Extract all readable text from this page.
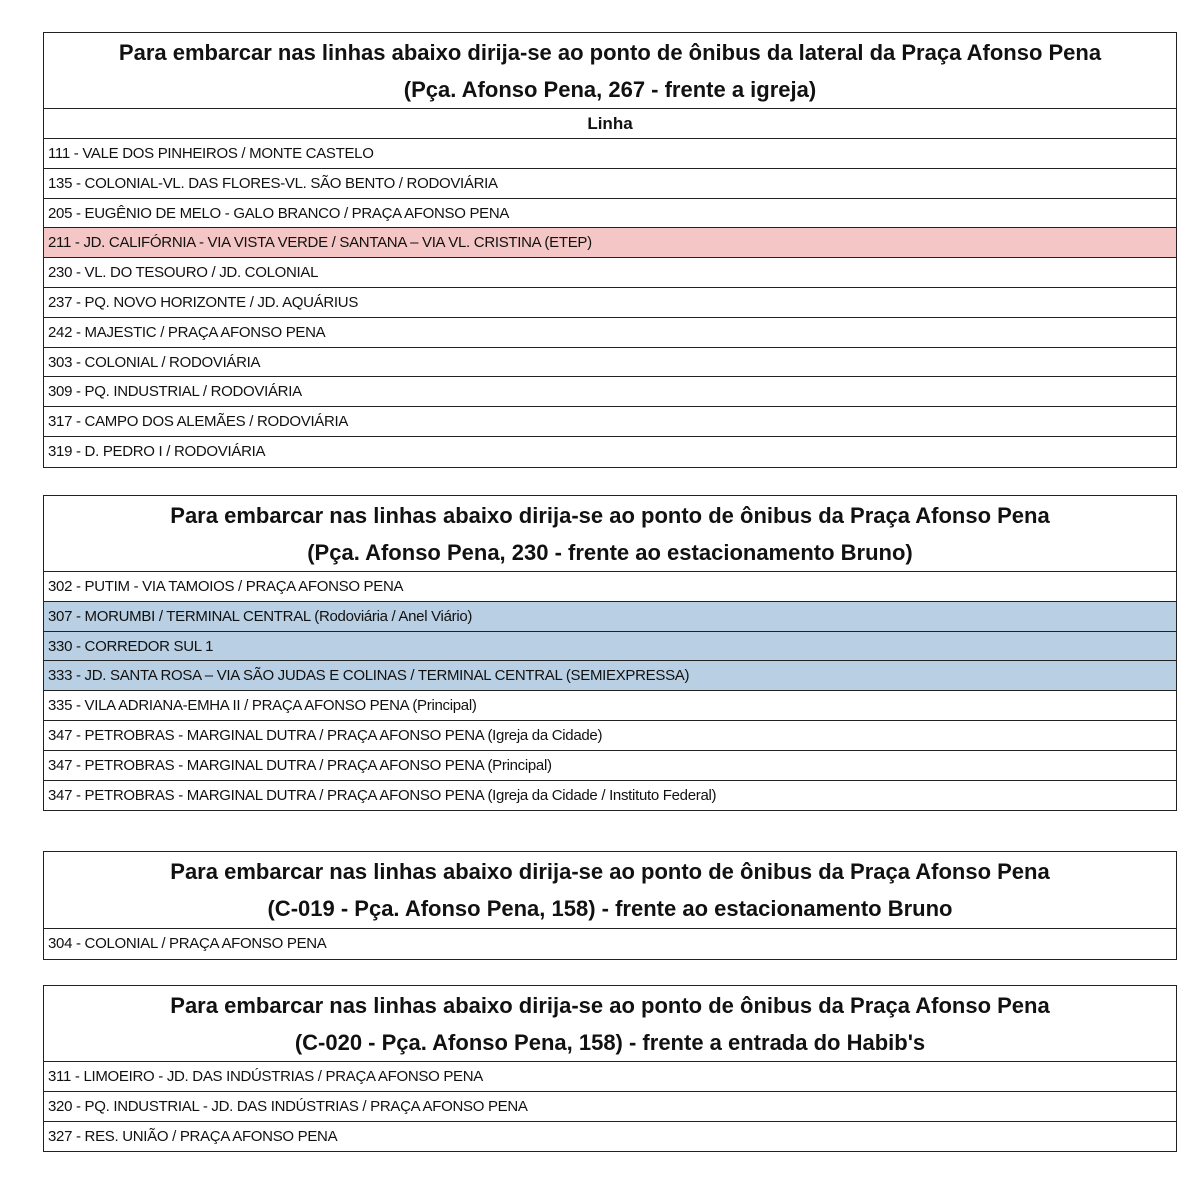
Para embarcar nas linhas abaixo dirija-se ao ponto de ônibus da lateral da Praça Afonso Pena
(Pça. Afonso Pena, 267 - frente a igreja)
Linha
111 - VALE DOS PINHEIROS / MONTE CASTELO
135 - COLONIAL-VL. DAS FLORES-VL. SÃO BENTO / RODOVIÁRIA
205 - EUGÊNIO DE MELO - GALO BRANCO / PRAÇA AFONSO PENA
211 - JD. CALIFÓRNIA - VIA VISTA VERDE / SANTANA – VIA VL. CRISTINA (ETEP)
230 - VL. DO TESOURO / JD. COLONIAL
237 - PQ. NOVO HORIZONTE / JD. AQUÁRIUS
242 - MAJESTIC / PRAÇA AFONSO PENA
303 - COLONIAL / RODOVIÁRIA
309 - PQ. INDUSTRIAL / RODOVIÁRIA
317 - CAMPO DOS ALEMÃES / RODOVIÁRIA
319 - D. PEDRO I / RODOVIÁRIA
Para embarcar nas linhas abaixo dirija-se ao ponto de ônibus da Praça Afonso Pena
(Pça. Afonso Pena, 230 - frente ao estacionamento Bruno)
302 - PUTIM - VIA TAMOIOS / PRAÇA AFONSO PENA
307 - MORUMBI / TERMINAL CENTRAL (Rodoviária / Anel Viário)
330 - CORREDOR SUL 1
333 - JD. SANTA ROSA – VIA SÃO JUDAS E COLINAS / TERMINAL CENTRAL (SEMIEXPRESSA)
335 - VILA ADRIANA-EMHA II / PRAÇA AFONSO PENA (Principal)
347 - PETROBRAS - MARGINAL DUTRA / PRAÇA AFONSO PENA (Igreja da Cidade)
347 - PETROBRAS - MARGINAL DUTRA / PRAÇA AFONSO PENA (Principal)
347 - PETROBRAS - MARGINAL DUTRA / PRAÇA AFONSO PENA (Igreja da Cidade / Instituto Federal)
Para embarcar nas linhas abaixo dirija-se ao ponto de ônibus da Praça Afonso Pena
(C-019 - Pça. Afonso Pena, 158) - frente ao estacionamento Bruno
304 - COLONIAL / PRAÇA AFONSO PENA
Para embarcar nas linhas abaixo dirija-se ao ponto de ônibus da Praça Afonso Pena
(C-020 - Pça. Afonso Pena, 158) - frente a entrada do Habib's
311 - LIMOEIRO - JD. DAS INDÚSTRIAS / PRAÇA AFONSO PENA
320 - PQ. INDUSTRIAL - JD. DAS INDÚSTRIAS / PRAÇA AFONSO PENA
327 - RES. UNIÃO / PRAÇA AFONSO PENA
